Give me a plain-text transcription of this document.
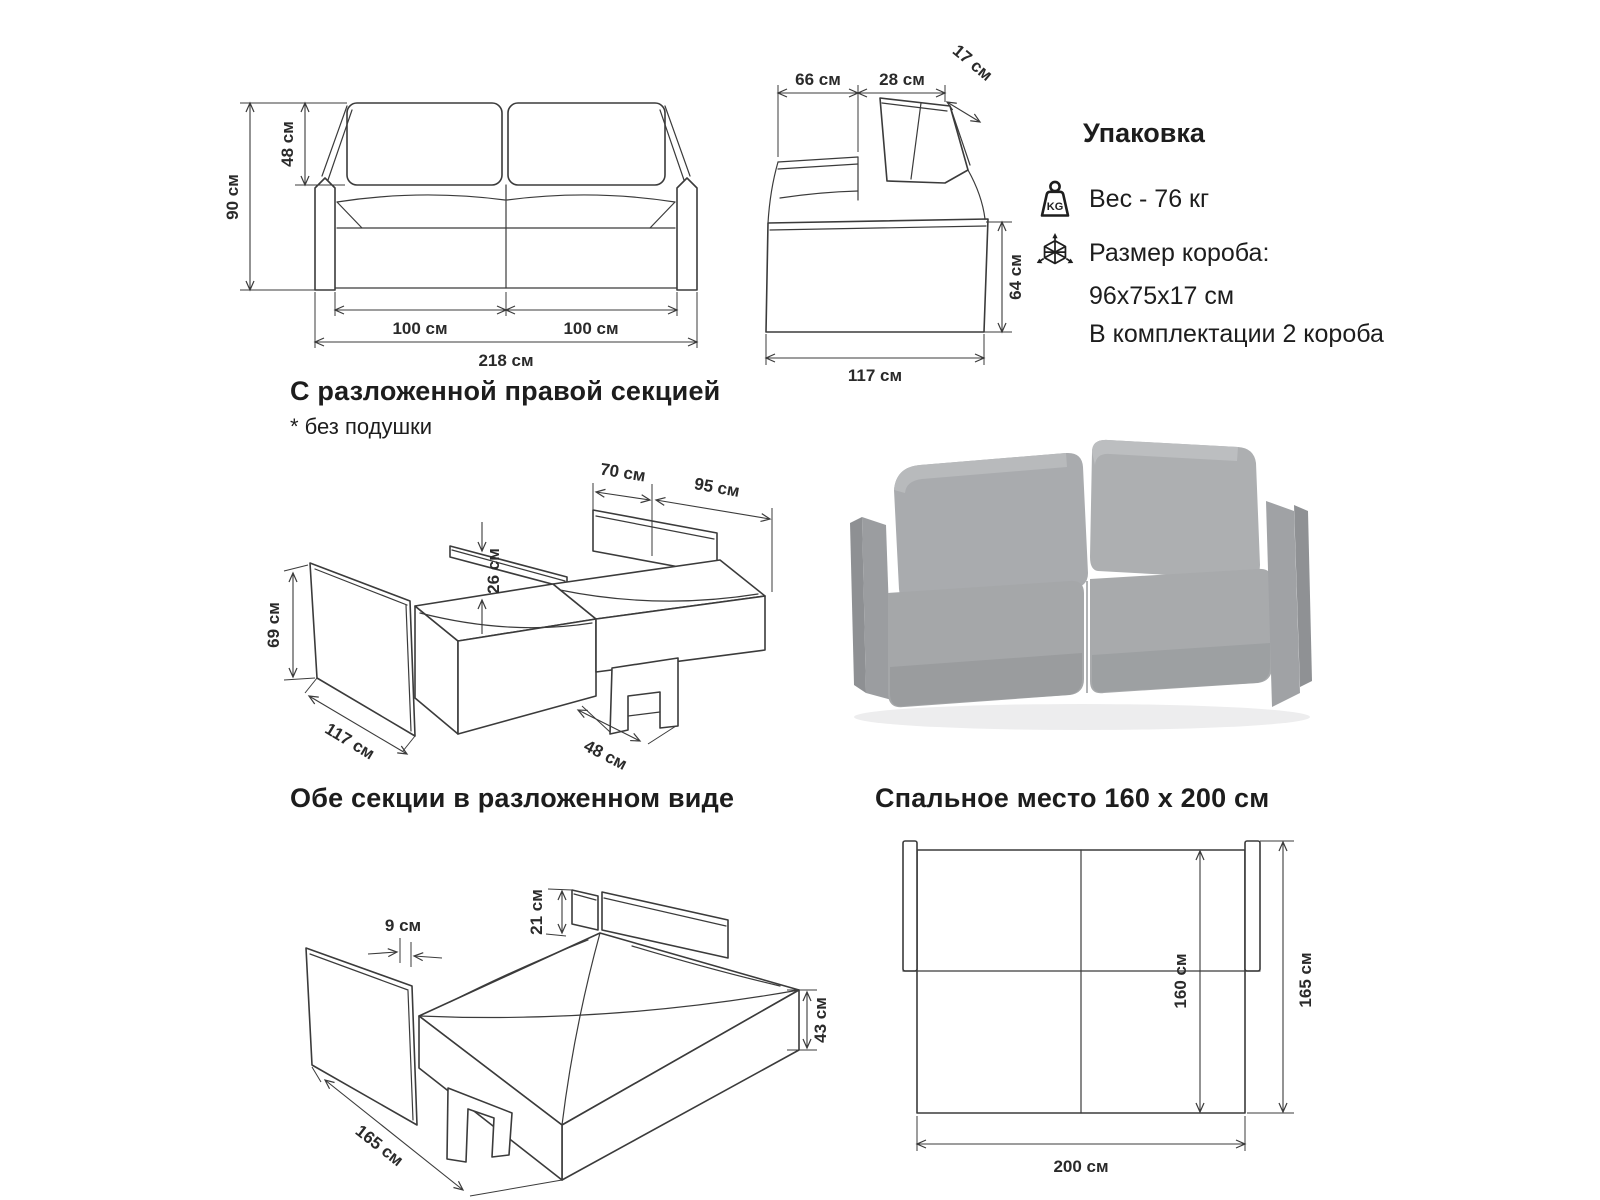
90 см
48 см
100 см	100 см
218 см
66 см 28 см 17 см
64 см
117 см
Упаковка
KG Вес - 76 кг
Размер короба:
96x75x17 см
В комплектации 2 короба
С разложенной правой секцией
* без подушки
69 см
117 см
26 см
70 см
95 см
48 см
Обе секции в разложенном виде
9 см	21 см
43 см
165 см
Спальное место 160 x 200 см
160 см	165 см
200 см
